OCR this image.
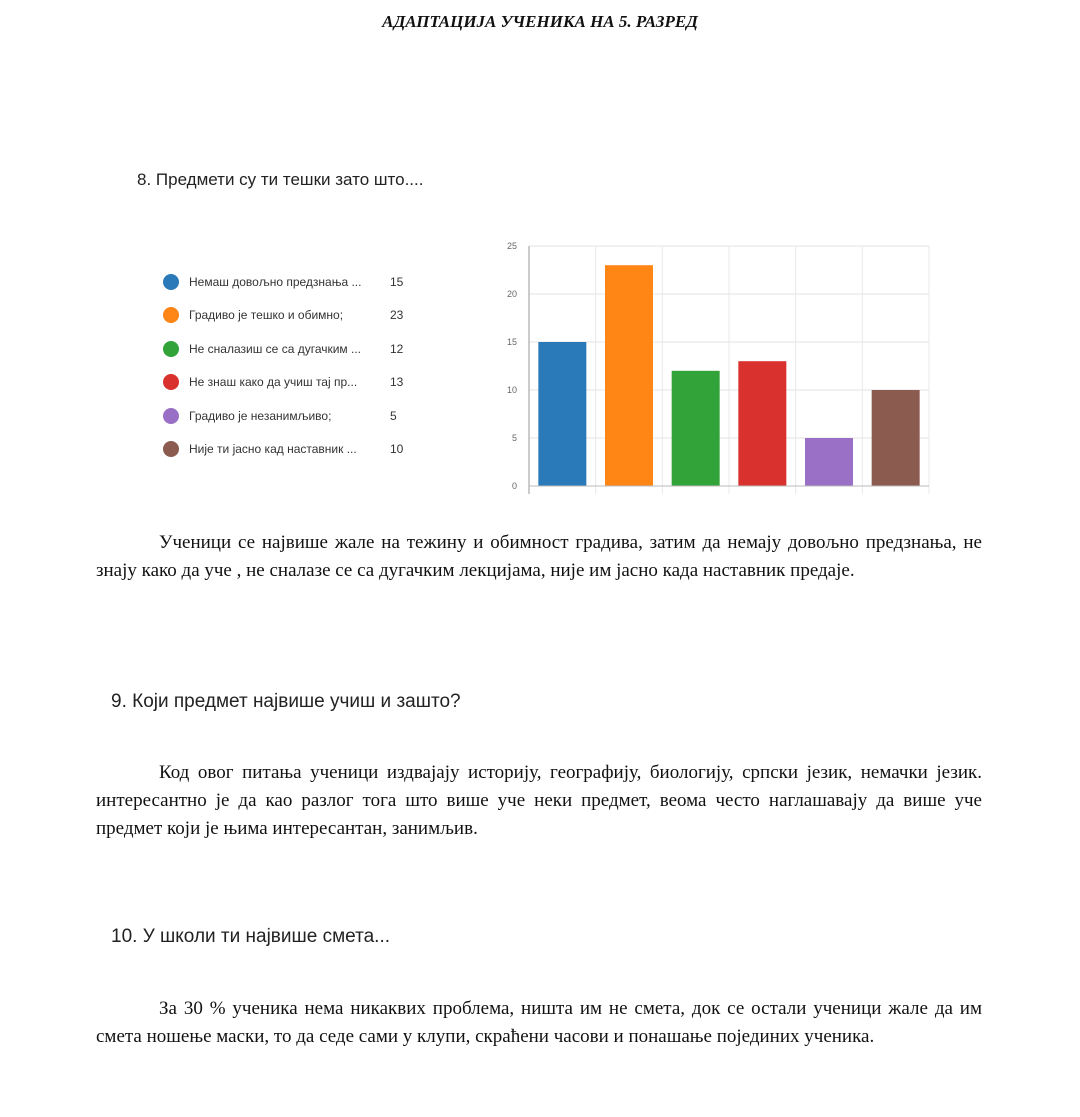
АДАПТАЦИЈА УЧЕНИКА НА 5. РАЗРЕД
8. Предмети су ти тешки зато што....
Немаш довољно предзнања ...	15
Градиво је тешко и обимно;	23
Не сналазиш се са дугачким ...	12
Не знаш како да учиш тај пр...	13
Градиво је незанимљиво;	5
Није ти јасно кад наставник ...	10
0
5
10
15
20
25

Ученици се највише жале на тежину и обимност градива, затим да немају довољно предзнања, не знају како да уче , не сналазе се са дугачким лекцијама, није им јасно када наставник предаје.

9. Који предмет највише учиш и зашто?

Код овог питања ученици издвајају историју, географију, биологију, српски језик, немачки језик. интересантно је да као разлог тога што више уче неки предмет, веома често наглашавају да више уче предмет који је њима интересантан, занимљив.

10. У школи ти највише смета...

За 30 % ученика нема никаквих проблема, ништа им не смета, док се остали ученици жале да им смета ношење маски, то да седе сами у клупи, скраћени часови и понашање појединих ученика.
